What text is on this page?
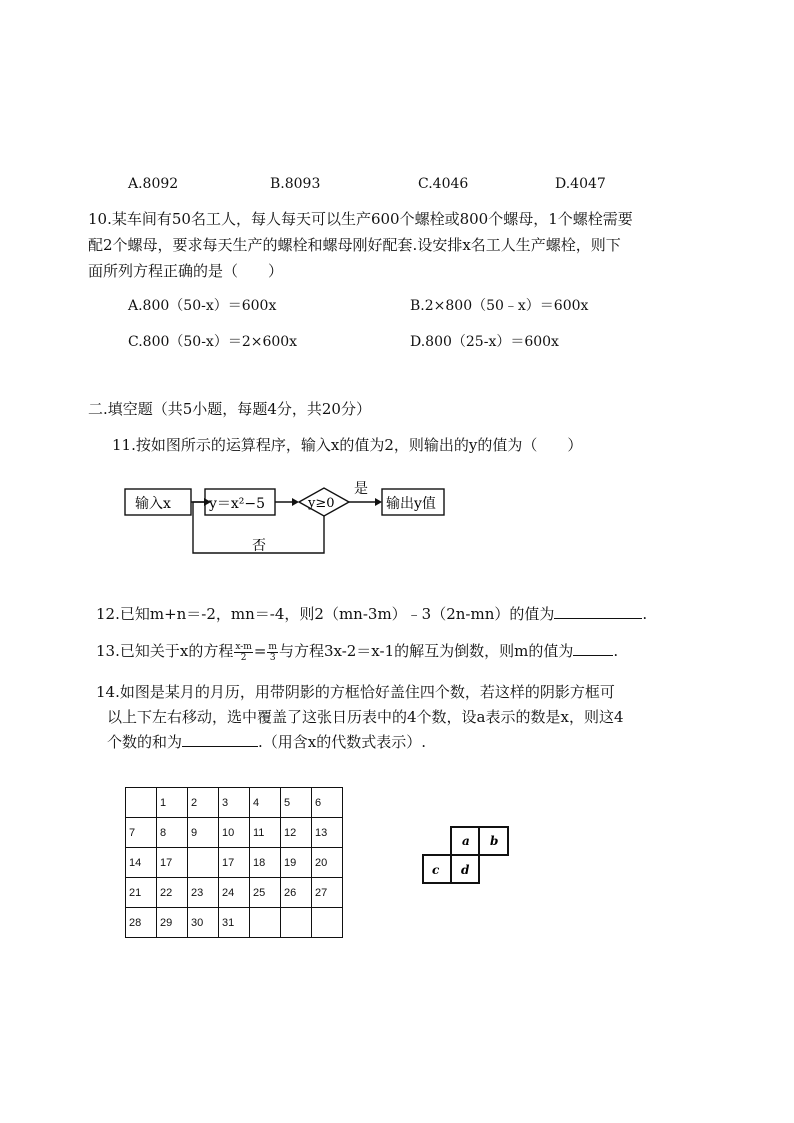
A.8092	B.8093	C.4046	D.4047
10.某车间有50名工人，每人每天可以生产600个螺栓或800个螺母，1个螺栓需要
配2个螺母，要求每天生产的螺栓和螺母刚好配套.设安排x名工人生产螺栓，则下
面所列方程正确的是（　　）
A.800（50-x）＝600x	B.2×800（50﹣x）＝600x
C.800（50-x）＝2×600x	D.800（25-x）＝600x
二.填空题（共5小题，每题4分，共20分）
11.按如图所示的运算程序，输入x的值为2，则输出的y的值为（　　）
输入x	y＝x²−5	y≥0
是
输出y值
否
12.已知m+n＝-2，mn＝-4，则2（mn-3m）﹣3（2n-mn）的值为	.
13.已知关于x的方程 $\frac{x-m}{2} = \frac{m}{3}$ 与方程3x-2＝x-1的解互为倒数，则m的值为	.
14.如图是某月的月历，用带阴影的方框恰好盖住四个数，若这样的阴影方框可
以上下左右移动，选中覆盖了这张日历表中的4个数，设a表示的数是x，则这4
个数的和为	.（用含x的代数式表示）.
	1	2	3	4	5	6
7	8	9	10	11	12	13
14	17		17	18	19	20
21	22	23	24	25	26	27
28	29	30	31			
a b
c d
